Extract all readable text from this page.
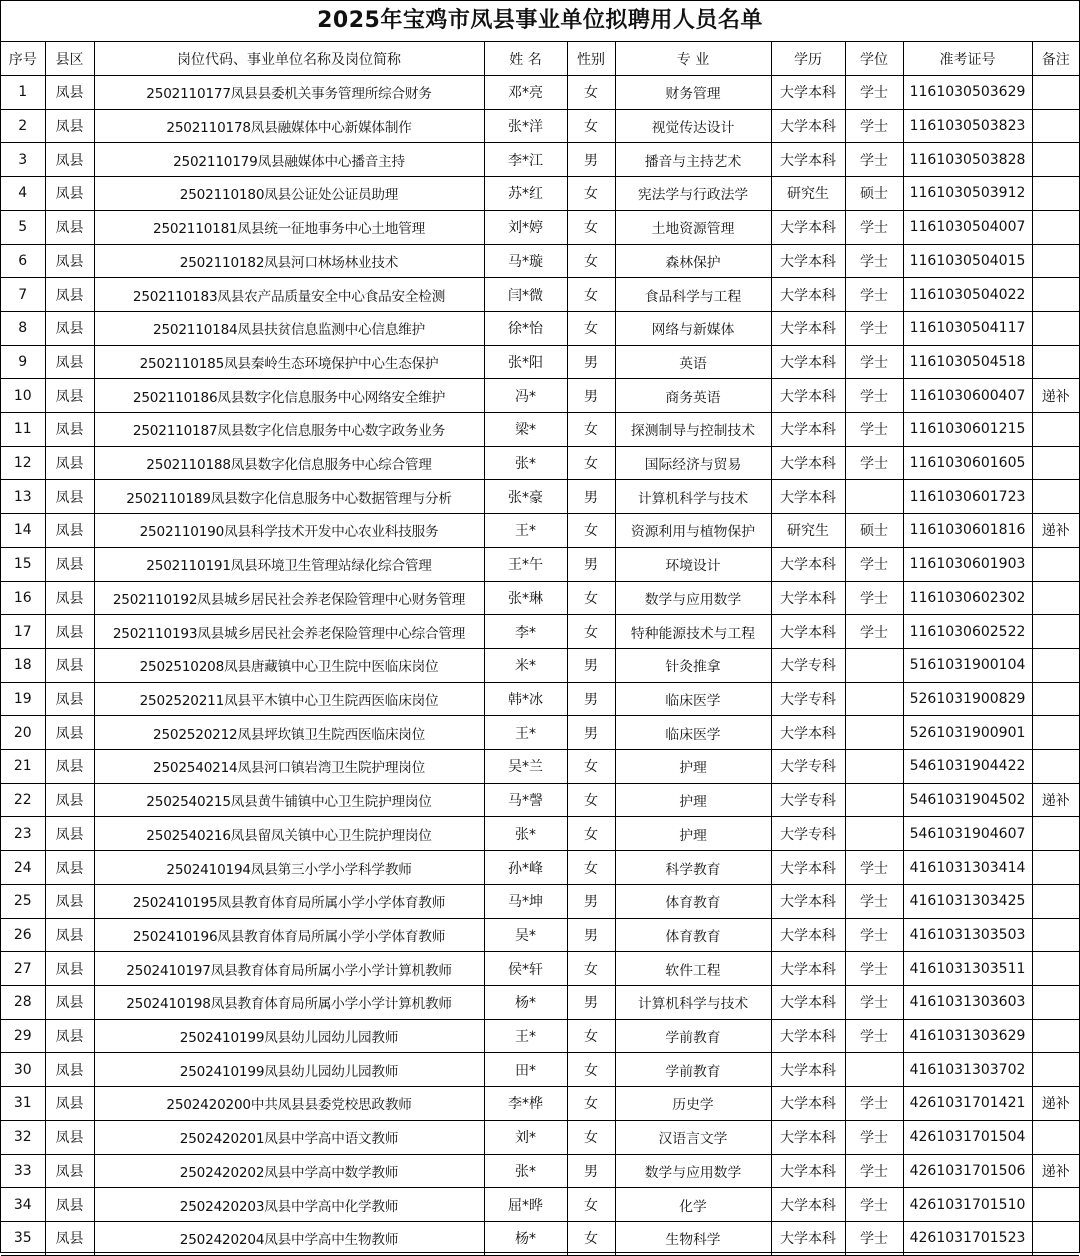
2025年宝鸡市凤县事业单位拟聘用人员名单
序号	县区	岗位代码、事业单位名称及岗位简称	姓 名	性别	专 业	学历	学位	准考证号	备注
1	凤县	2502110177凤县县委机关事务管理所综合财务	邓*亮	女	财务管理	大学本科	学士	1161030503629	
2	凤县	2502110178凤县融媒体中心新媒体制作	张*洋	女	视觉传达设计	大学本科	学士	1161030503823	
3	凤县	2502110179凤县融媒体中心播音主持	李*江	男	播音与主持艺术	大学本科	学士	1161030503828	
4	凤县	2502110180凤县公证处公证员助理	苏*红	女	宪法学与行政法学	研究生	硕士	1161030503912	
5	凤县	2502110181凤县统一征地事务中心土地管理	刘*婷	女	土地资源管理	大学本科	学士	1161030504007	
6	凤县	2502110182凤县河口林场林业技术	马*璇	女	森林保护	大学本科	学士	1161030504015	
7	凤县	2502110183凤县农产品质量安全中心食品安全检测	闫*微	女	食品科学与工程	大学本科	学士	1161030504022	
8	凤县	2502110184凤县扶贫信息监测中心信息维护	徐*怡	女	网络与新媒体	大学本科	学士	1161030504117	
9	凤县	2502110185凤县秦岭生态环境保护中心生态保护	张*阳	男	英语	大学本科	学士	1161030504518	
10	凤县	2502110186凤县数字化信息服务中心网络安全维护	冯*	男	商务英语	大学本科	学士	1161030600407	递补
11	凤县	2502110187凤县数字化信息服务中心数字政务业务	梁*	女	探测制导与控制技术	大学本科	学士	1161030601215	
12	凤县	2502110188凤县数字化信息服务中心综合管理	张*	女	国际经济与贸易	大学本科	学士	1161030601605	
13	凤县	2502110189凤县数字化信息服务中心数据管理与分析	张*豪	男	计算机科学与技术	大学本科		1161030601723	
14	凤县	2502110190凤县科学技术开发中心农业科技服务	王*	女	资源利用与植物保护	研究生	硕士	1161030601816	递补
15	凤县	2502110191凤县环境卫生管理站绿化综合管理	王*午	男	环境设计	大学本科	学士	1161030601903	
16	凤县	2502110192凤县城乡居民社会养老保险管理中心财务管理	张*琳	女	数学与应用数学	大学本科	学士	1161030602302	
17	凤县	2502110193凤县城乡居民社会养老保险管理中心综合管理	李*	女	特种能源技术与工程	大学本科	学士	1161030602522	
18	凤县	2502510208凤县唐藏镇中心卫生院中医临床岗位	米*	男	针灸推拿	大学专科		5161031900104	
19	凤县	2502520211凤县平木镇中心卫生院西医临床岗位	韩*冰	男	临床医学	大学专科		5261031900829	
20	凤县	2502520212凤县坪坎镇卫生院西医临床岗位	王*	男	临床医学	大学本科		5261031900901	
21	凤县	2502540214凤县河口镇岩湾卫生院护理岗位	吴*兰	女	护理	大学专科		5461031904422	
22	凤县	2502540215凤县黄牛铺镇中心卫生院护理岗位	马*謦	女	护理	大学专科		5461031904502	递补
23	凤县	2502540216凤县留凤关镇中心卫生院护理岗位	张*	女	护理	大学专科		5461031904607	
24	凤县	2502410194凤县第三小学小学科学教师	孙*峰	女	科学教育	大学本科	学士	4161031303414	
25	凤县	2502410195凤县教育体育局所属小学小学体育教师	马*坤	男	体育教育	大学本科	学士	4161031303425	
26	凤县	2502410196凤县教育体育局所属小学小学体育教师	吴*	男	体育教育	大学本科	学士	4161031303503	
27	凤县	2502410197凤县教育体育局所属小学小学计算机教师	侯*轩	女	软件工程	大学本科	学士	4161031303511	
28	凤县	2502410198凤县教育体育局所属小学小学计算机教师	杨*	男	计算机科学与技术	大学本科	学士	4161031303603	
29	凤县	2502410199凤县幼儿园幼儿园教师	王*	女	学前教育	大学本科	学士	4161031303629	
30	凤县	2502410199凤县幼儿园幼儿园教师	田*	女	学前教育	大学本科		4161031303702	
31	凤县	2502420200中共凤县县委党校思政教师	李*桦	女	历史学	大学本科	学士	4261031701421	递补
32	凤县	2502420201凤县中学高中语文教师	刘*	女	汉语言文学	大学本科	学士	4261031701504	
33	凤县	2502420202凤县中学高中数学教师	张*	男	数学与应用数学	大学本科	学士	4261031701506	递补
34	凤县	2502420203凤县中学高中化学教师	屈*晔	女	化学	大学本科	学士	4261031701510	
35	凤县	2502420204凤县中学高中生物教师	杨*	女	生物科学	大学本科	学士	4261031701523	
